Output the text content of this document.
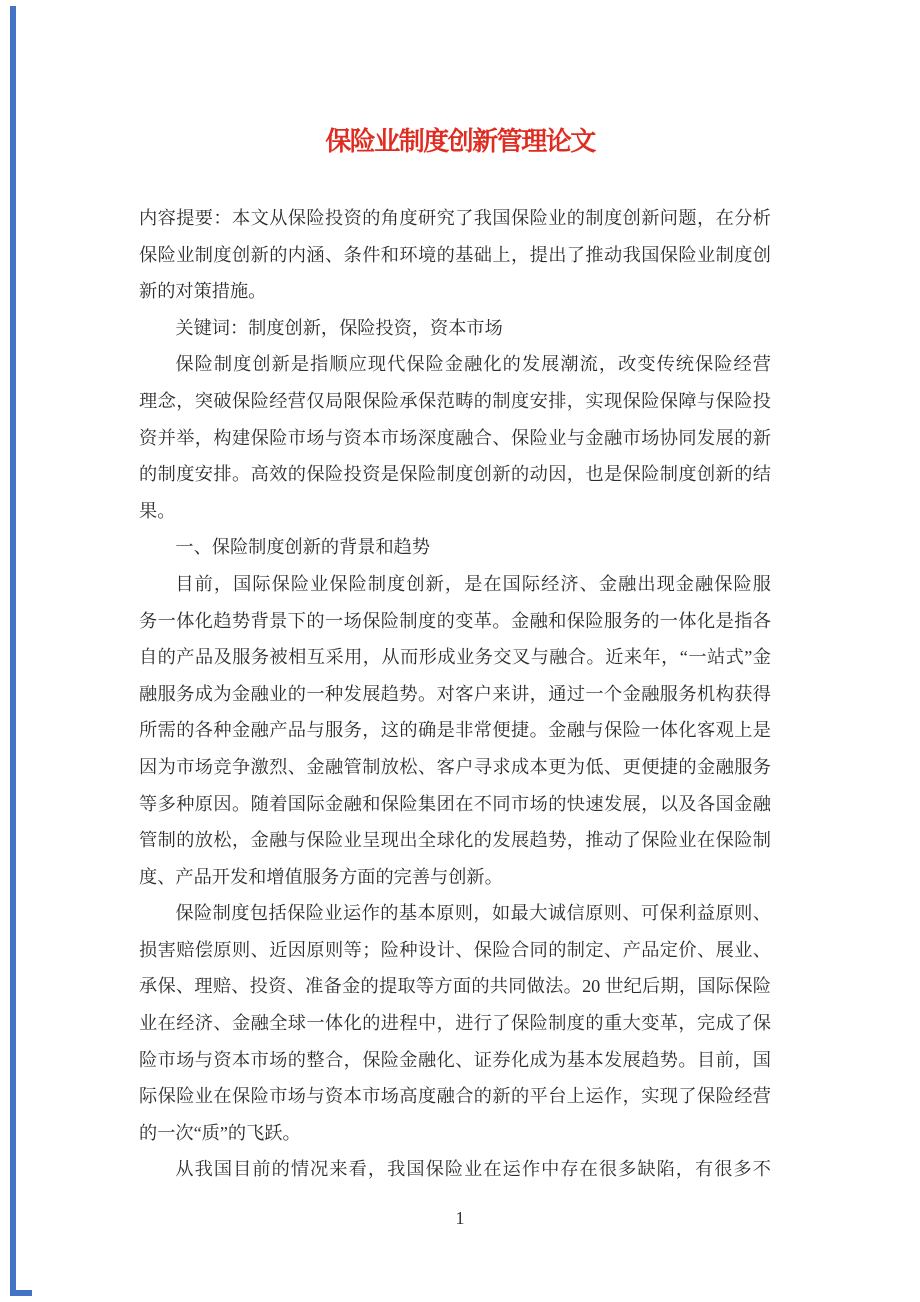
保险业制度创新管理论文
内容提要：本文从保险投资的角度研究了我国保险业的制度创新问题，在分析
保险业制度创新的内涵、条件和环境的基础上，提出了推动我国保险业制度创
新的对策措施。
关键词：制度创新，保险投资，资本市场
保险制度创新是指顺应现代保险金融化的发展潮流，改变传统保险经营
理念，突破保险经营仅局限保险承保范畴的制度安排，实现保险保障与保险投
资并举，构建保险市场与资本市场深度融合、保险业与金融市场协同发展的新
的制度安排。高效的保险投资是保险制度创新的动因，也是保险制度创新的结
果。
一、保险制度创新的背景和趋势
目前，国际保险业保险制度创新，是在国际经济、金融出现金融保险服
务一体化趋势背景下的一场保险制度的变革。金融和保险服务的一体化是指各
自的产品及服务被相互采用，从而形成业务交叉与融合。近来年，“一站式”金
融服务成为金融业的一种发展趋势。对客户来讲，通过一个金融服务机构获得
所需的各种金融产品与服务，这的确是非常便捷。金融与保险一体化客观上是
因为市场竞争激烈、金融管制放松、客户寻求成本更为低、更便捷的金融服务
等多种原因。随着国际金融和保险集团在不同市场的快速发展，以及各国金融
管制的放松，金融与保险业呈现出全球化的发展趋势，推动了保险业在保险制
度、产品开发和增值服务方面的完善与创新。
保险制度包括保险业运作的基本原则，如最大诚信原则、可保利益原则、
损害赔偿原则、近因原则等；险种设计、保险合同的制定、产品定价、展业、
承保、理赔、投资、准备金的提取等方面的共同做法。20 世纪后期，国际保险
业在经济、金融全球一体化的进程中，进行了保险制度的重大变革，完成了保
险市场与资本市场的整合，保险金融化、证券化成为基本发展趋势。目前，国
际保险业在保险市场与资本市场高度融合的新的平台上运作，实现了保险经营
的一次“质”的飞跃。
从我国目前的情况来看，我国保险业在运作中存在很多缺陷，有很多不
1
